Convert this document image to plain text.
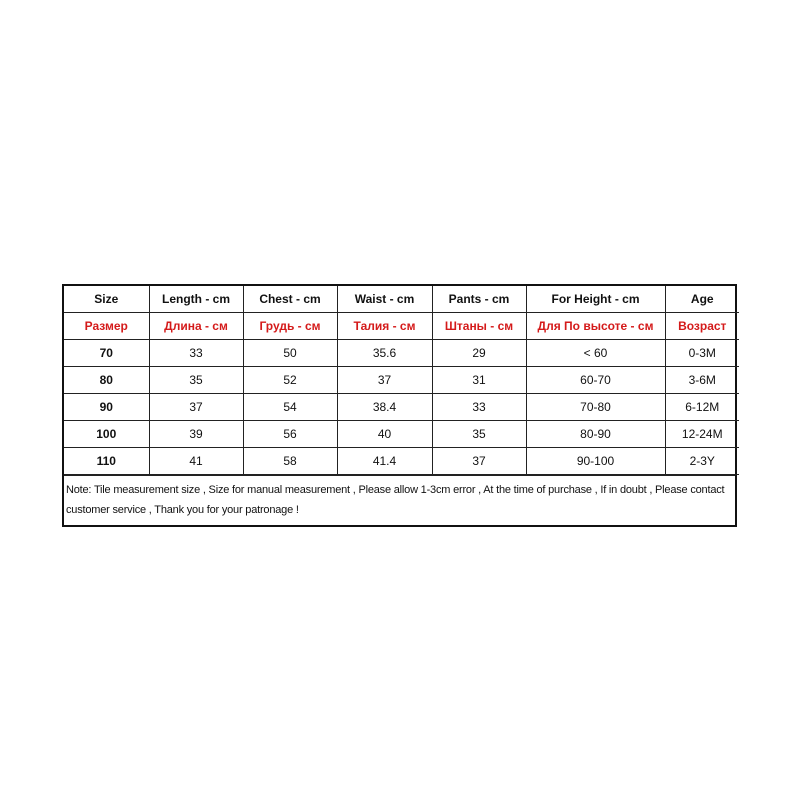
Size	Length - cm	Chest - cm	Waist - cm	Pants - cm	For Height - cm	Age
Размер	Длина - см	Грудь - см	Талия - см	Штаны - см	Для По высоте - см	Возраст
70	33	50	35.6	29	< 60	0-3M
80	35	52	37	31	60-70	3-6M
90	37	54	38.4	33	70-80	6-12M
100	39	56	40	35	80-90	12-24M
110	41	58	41.4	37	90-100	2-3Y
Note: Tile measurement size , Size for manual measurement , Please allow 1-3cm error , At the time of purchase , If in doubt , Please contact customer service , Thank you for your patronage !
